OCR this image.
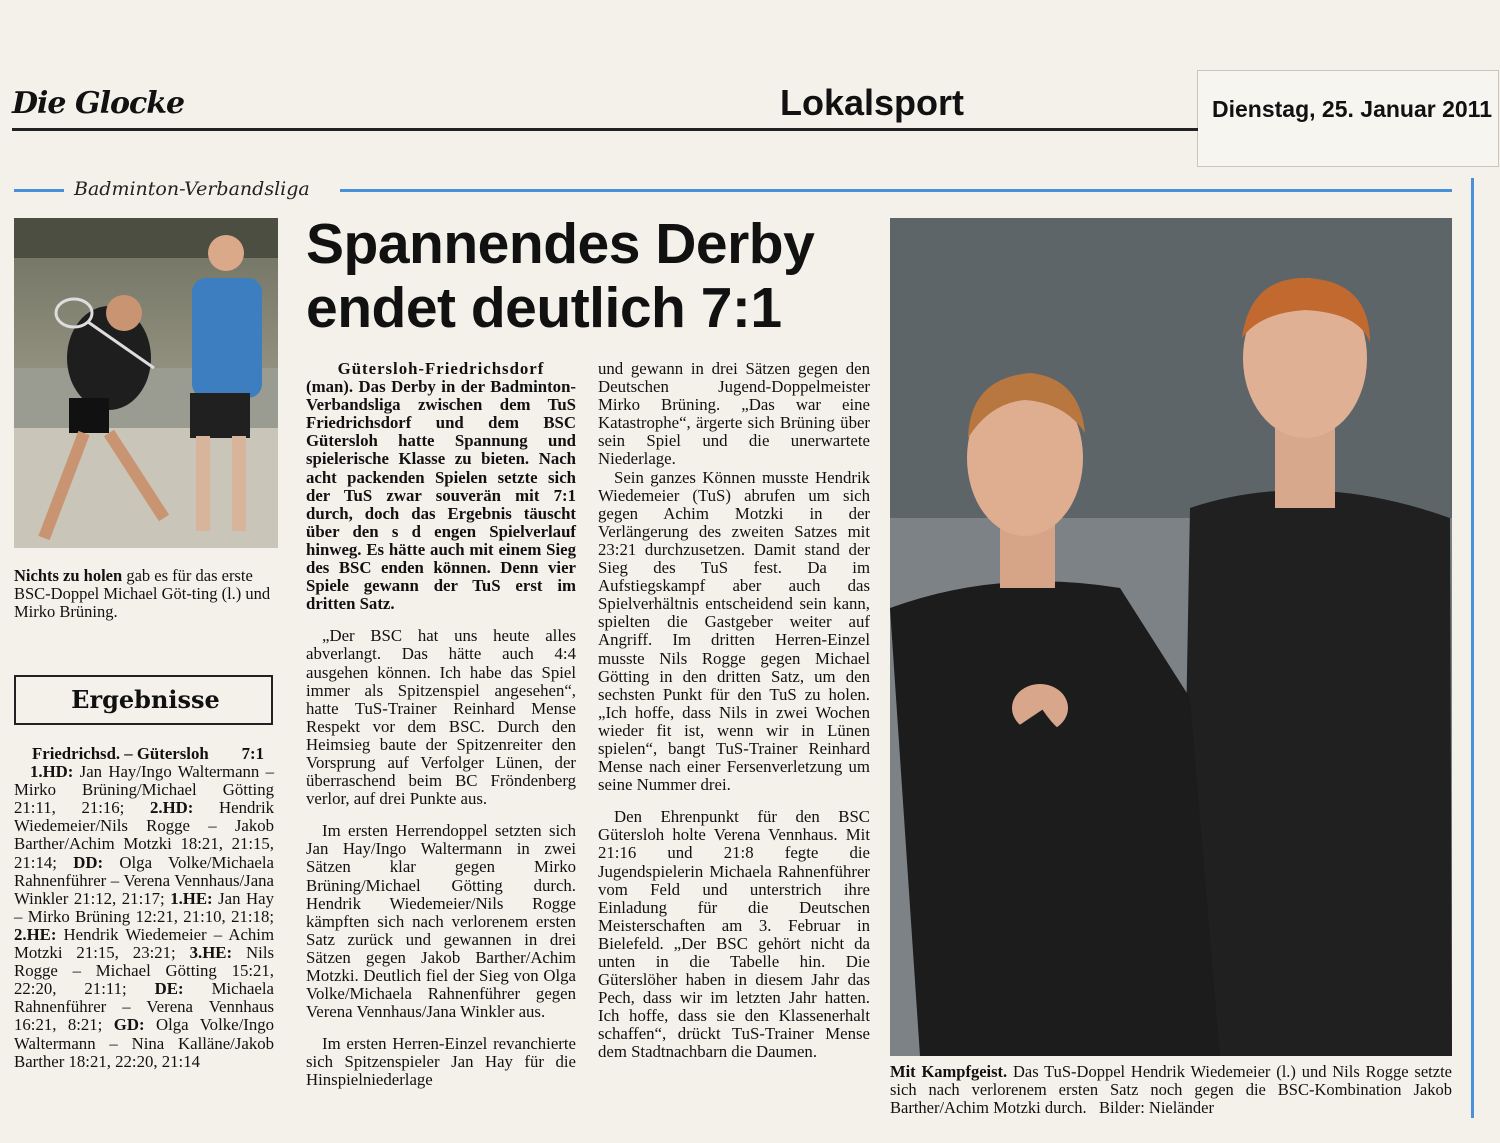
Die Glocke	Lokalsport	Dienstag, 25. Januar 2011
Badminton-Verbandsliga
Nichts zu holen gab es für das erste BSC-Doppel Michael Göt-ting (l.) und Mirko Brüning.
Spannendes Derby
endet deutlich 7:1

Gütersloh-Friedrichsdorf
(man). Das Derby in der Badminton-Verbandsliga zwischen dem TuS Friedrichsdorf und dem BSC Gütersloh hatte Spannung und spielerische Klasse zu bieten. Nach acht packenden Spielen setzte sich der TuS zwar souverän mit 7:1 durch, doch das Ergebnis täuscht über den s d engen Spielverlauf hinweg. Es hätte auch mit einem Sieg des BSC enden können. Denn vier Spiele gewann der TuS erst im dritten Satz.

„Der BSC hat uns heute alles abverlangt. Das hätte auch 4:4 ausgehen können. Ich habe das Spiel immer als Spitzenspiel angesehen“, hatte TuS-Trainer Reinhard Mense Respekt vor dem BSC. Durch den Heimsieg baute der Spitzenreiter den Vorsprung auf Verfolger Lünen, der überraschend beim BC Fröndenberg verlor, auf drei Punkte aus.

Im ersten Herrendoppel setzten sich Jan Hay/Ingo Waltermann in zwei Sätzen klar gegen Mirko Brüning/Michael Götting durch. Hendrik Wiedemeier/Nils Rogge kämpften sich nach verlorenem ersten Satz zurück und gewannen in drei Sätzen gegen Jakob Barther/Achim Motzki. Deutlich fiel der Sieg von Olga Volke/Michaela Rahnenführer gegen Verena Vennhaus/Jana Winkler aus.

Im ersten Herren-Einzel revanchierte sich Spitzenspieler Jan Hay für die Hinspielniederlage

und gewann in drei Sätzen gegen den Deutschen Jugend-Doppelmeister Mirko Brüning. „Das war eine Katastrophe“, ärgerte sich Brüning über sein Spiel und die unerwartete Niederlage.

Sein ganzes Können musste Hendrik Wiedemeier (TuS) abrufen um sich gegen Achim Motzki in der Verlängerung des zweiten Satzes mit 23:21 durchzusetzen. Damit stand der Sieg des TuS fest. Da im Aufstiegskampf aber auch das Spielverhältnis entscheidend sein kann, spielten die Gastgeber weiter auf Angriff. Im dritten Herren-Einzel musste Nils Rogge gegen Michael Götting in den dritten Satz, um den sechsten Punkt für den TuS zu holen. „Ich hoffe, dass Nils in zwei Wochen wieder fit ist, wenn wir in Lünen spielen“, bangt TuS-Trainer Reinhard Mense nach einer Fersenverletzung um seine Nummer drei.

Den Ehrenpunkt für den BSC Gütersloh holte Verena Vennhaus. Mit 21:16 und 21:8 fegte die Jugendspielerin Michaela Rahnenführer vom Feld und unterstrich ihre Einladung für die Deutschen Meisterschaften am 3. Februar in Bielefeld. „Der BSC gehört nicht da unten in die Tabelle hin. Die Güterslöher haben in diesem Jahr das Pech, dass wir im letzten Jahr hatten. Ich hoffe, dass sie den Klassenerhalt schaffen“, drückt TuS-Trainer Mense dem Stadtnachbarn die Daumen.

Mit Kampfgeist. Das TuS-Doppel Hendrik Wiedemeier (l.) und Nils Rogge setzte sich nach verlorenem ersten Satz noch gegen die BSC-Kombination Jakob Barther/Achim Motzki durch. Bilder: Nieländer
Ergebnisse
Friedrichsd. – Gütersloh 7:1
1.HD: Jan Hay/Ingo Waltermann – Mirko Brüning/Michael Götting 21:11, 21:16; 2.HD: Hendrik Wiedemeier/Nils Rogge – Jakob Barther/Achim Motzki 18:21, 21:15, 21:14; DD: Olga Volke/Michaela Rahnenführer – Verena Vennhaus/Jana Winkler 21:12, 21:17; 1.HE: Jan Hay – Mirko Brüning 12:21, 21:10, 21:18; 2.HE: Hendrik Wiedemeier – Achim Motzki 21:15, 23:21; 3.HE: Nils Rogge – Michael Götting 15:21, 22:20, 21:11; DE: Michaela Rahnenführer – Verena Vennhaus 16:21, 8:21; GD: Olga Volke/Ingo Waltermann – Nina Kalläne/Jakob Barther 18:21, 22:20, 21:14
